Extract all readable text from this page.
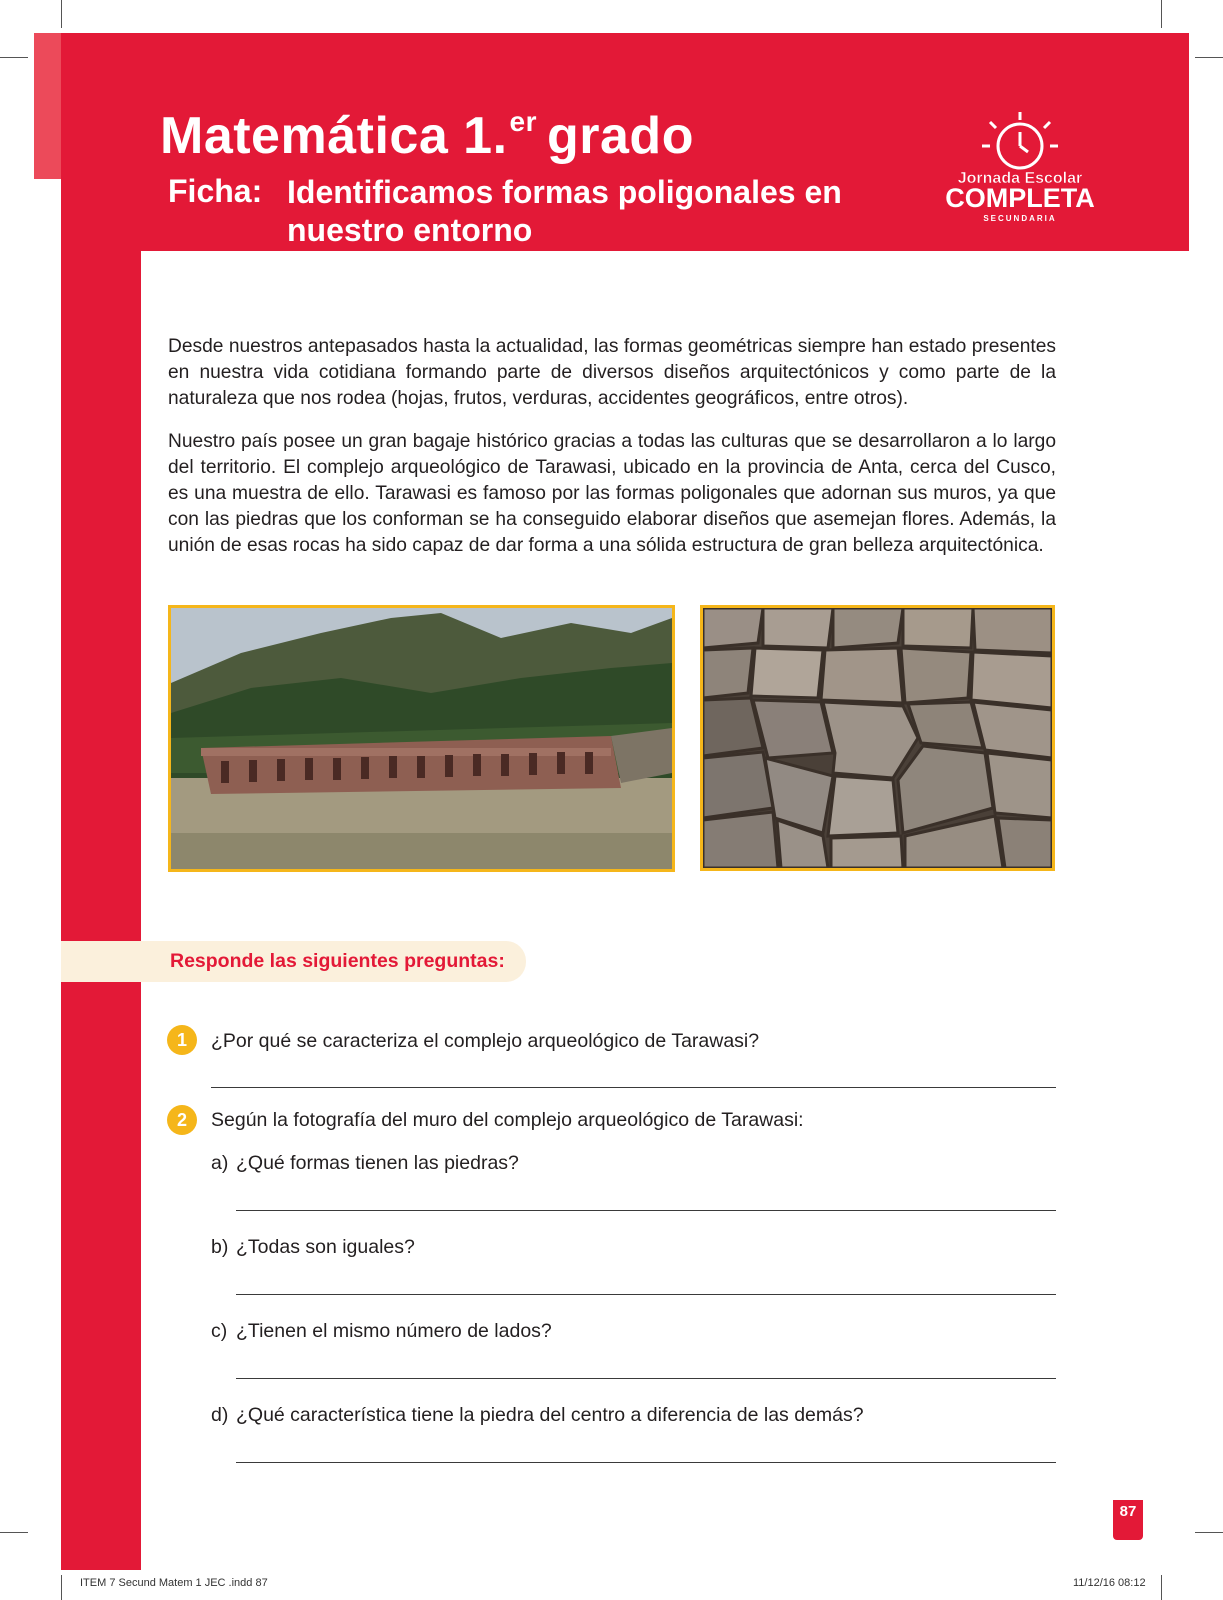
Matemática 1.$^{er}$ grado
Ficha: Identificamos formas poligonales en nuestro entorno
Jornada Escolar
COMPLETA
SECUNDARIA

Desde nuestros antepasados hasta la actualidad, las formas geométricas siempre han estado presentes en nuestra vida cotidiana formando parte de diversos diseños arquitectónicos y como parte de la naturaleza que nos rodea (hojas, frutos, verduras, accidentes geográficos, entre otros).

Nuestro país posee un gran bagaje histórico gracias a todas las culturas que se desarrollaron a lo largo del territorio. El complejo arqueológico de Tarawasi, ubicado en la provincia de Anta, cerca del Cusco, es una muestra de ello. Tarawasi es famoso por las formas poligonales que adornan sus muros, ya que con las piedras que los conforman se ha conseguido elaborar diseños que asemejan flores. Además, la unión de esas rocas ha sido capaz de dar forma a una sólida estructura de gran belleza arquitectónica.

Responde las siguientes preguntas:
1	¿Por qué se caracteriza el complejo arqueológico de Tarawasi?
2	Según la fotografía del muro del complejo arqueológico de Tarawasi:
a) ¿Qué formas tienen las piedras?
b) ¿Todas son iguales?
c) ¿Tienen el mismo número de lados?
d) ¿Qué característica tiene la piedra del centro a diferencia de las demás?
87
ITEM 7 Secund Matem 1 JEC .indd 87	11/12/16 08:12
